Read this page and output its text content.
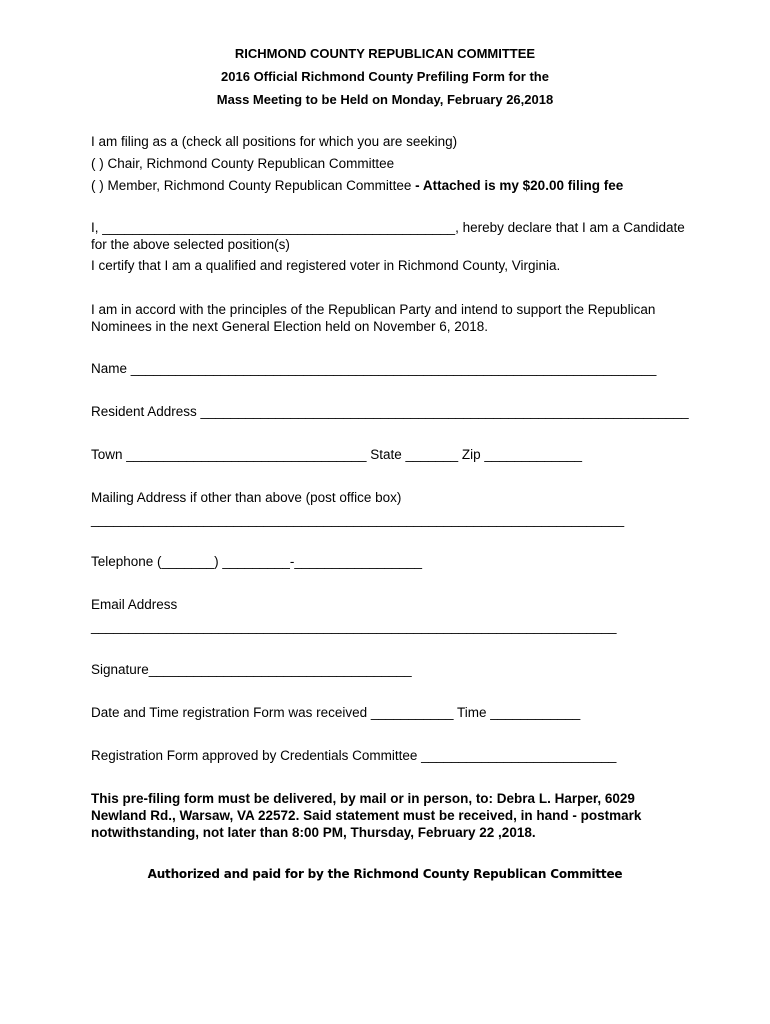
RICHMOND COUNTY REPUBLICAN COMMITTEE
2016 Official Richmond County Prefiling Form for the
Mass Meeting to be Held on Monday, February 26,2018
I am filing as a (check all positions for which you are seeking)
( ) Chair, Richmond County Republican Committee
( ) Member, Richmond County Republican Committee - Attached is my $20.00 filing fee
I, _______________________________________________, hereby declare that I am a Candidate
for the above selected position(s)
I certify that I am a qualified and registered voter in Richmond County, Virginia.
I am in accord with the principles of the Republican Party and intend to support the Republican
Nominees in the next General Election held on November 6, 2018.
Name ______________________________________________________________________
Resident Address _________________________________________________________________
Town ________________________________ State _______ Zip _____________
Mailing Address if other than above (post office box)
_______________________________________________________________________
Telephone (_______) _________-_________________
Email Address
______________________________________________________________________
Signature___________________________________
Date and Time registration Form was received ___________ Time ____________
Registration Form approved by Credentials Committee __________________________
This pre-filing form must be delivered, by mail or in person, to: Debra L. Harper, 6029
Newland Rd., Warsaw, VA 22572. Said statement must be received, in hand - postmark
notwithstanding, not later than 8:00 PM, Thursday, February 22 ,2018.
Authorized and paid for by the Richmond County Republican Committee
